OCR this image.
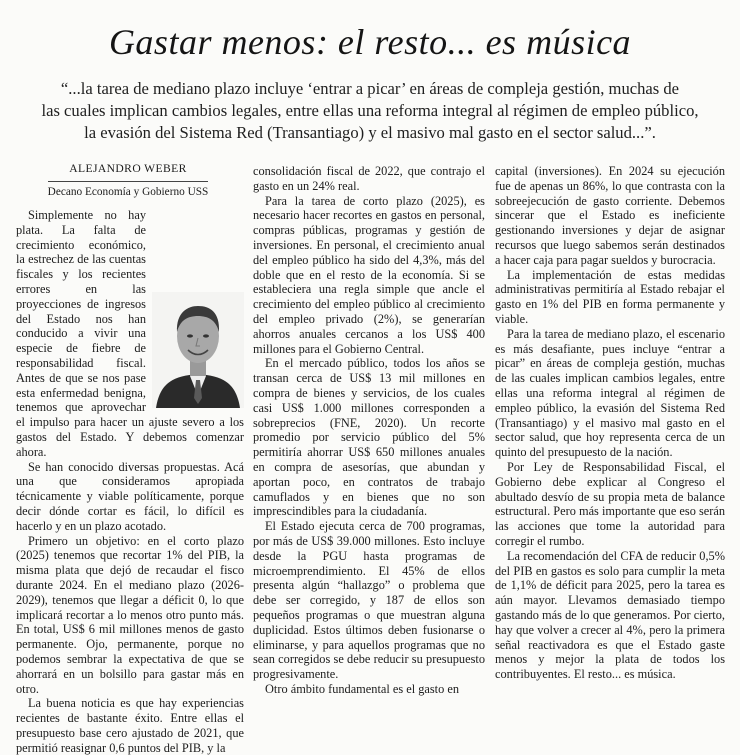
Gastar menos: el resto... es música
“...la tarea de mediano plazo incluye ‘entrar a picar’ en áreas de compleja gestión, muchas de
las cuales implican cambios legales, entre ellas una reforma integral al régimen de empleo público,
la evasión del Sistema Red (Transantiago) y el masivo mal gasto en el sector salud...”.
ALEJANDRO WEBER
Decano Economía y Gobierno USS

Simplemente no hay plata. La falta de crecimiento económico, la estrechez de las cuentas fiscales y los recientes errores en las proyecciones de ingresos del Estado nos han conducido a vivir una especie de fiebre de responsabilidad fiscal. Antes de que se nos pase esta enfermedad benigna, tenemos que aprovechar el impulso para hacer un ajuste severo a los gastos del Estado. Y debemos comenzar ahora.

Se han conocido diversas propuestas. Acá una que consideramos apropiada técnicamente y viable políticamente, porque decir dónde cortar es fácil, lo difícil es hacerlo y en un plazo acotado.

Primero un objetivo: en el corto plazo (2025) tenemos que recortar 1% del PIB, la misma plata que dejó de recaudar el fisco durante 2024. En el mediano plazo (2026-2029), tenemos que llegar a déficit 0, lo que implicará recortar a lo menos otro punto más. En total, US$ 6 mil millones menos de gasto permanente. Ojo, permanente, porque no podemos sembrar la expectativa de que se ahorrará en un bolsillo para gastar más en otro.

La buena noticia es que hay experiencias recientes de bastante éxito. Entre ellas el presupuesto base cero ajustado de 2021, que permitió reasignar 0,6 puntos del PIB, y la

consolidación fiscal de 2022, que contrajo el gasto en un 24% real.

Para la tarea de corto plazo (2025), es necesario hacer recortes en gastos en personal, compras públicas, programas y gestión de inversiones. En personal, el crecimiento anual del empleo público ha sido del 4,3%, más del doble que en el resto de la economía. Si se estableciera una regla simple que ancle el crecimiento del empleo público al crecimiento del empleo privado (2%), se generarían ahorros anuales cercanos a los US$ 400 millones para el Gobierno Central.

En el mercado público, todos los años se transan cerca de US$ 13 mil millones en compra de bienes y servicios, de los cuales casi US$ 1.000 millones corresponden a sobreprecios (FNE, 2020). Un recorte promedio por servicio público del 5% permitiría ahorrar US$ 650 millones anuales en compra de asesorías, que abundan y aportan poco, en contratos de trabajo camuflados y en bienes que no son imprescindibles para la ciudadanía.

El Estado ejecuta cerca de 700 programas, por más de US$ 39.000 millones. Esto incluye desde la PGU hasta programas de microemprendimiento. El 45% de ellos presenta algún “hallazgo” o problema que debe ser corregido, y 187 de ellos son pequeños programas o que muestran alguna duplicidad. Estos últimos deben fusionarse o eliminarse, y para aquellos programas que no sean corregidos se debe reducir su presupuesto progresivamente.

Otro ámbito fundamental es el gasto en

capital (inversiones). En 2024 su ejecución fue de apenas un 86%, lo que contrasta con la sobreejecución de gasto corriente. Debemos sincerar que el Estado es ineficiente gestionando inversiones y dejar de asignar recursos que luego sabemos serán destinados a hacer caja para pagar sueldos y burocracia.

La implementación de estas medidas administrativas permitiría al Estado rebajar el gasto en 1% del PIB en forma permanente y viable.

Para la tarea de mediano plazo, el escenario es más desafiante, pues incluye “entrar a picar” en áreas de compleja gestión, muchas de las cuales implican cambios legales, entre ellas una reforma integral al régimen de empleo público, la evasión del Sistema Red (Transantiago) y el masivo mal gasto en el sector salud, que hoy representa cerca de un quinto del presupuesto de la nación.

Por Ley de Responsabilidad Fiscal, el Gobierno debe explicar al Congreso el abultado desvío de su propia meta de balance estructural. Pero más importante que eso serán las acciones que tome la autoridad para corregir el rumbo.

La recomendación del CFA de reducir 0,5% del PIB en gastos es solo para cumplir la meta de 1,1% de déficit para 2025, pero la tarea es aún mayor. Llevamos demasiado tiempo gastando más de lo que generamos. Por cierto, hay que volver a crecer al 4%, pero la primera señal reactivadora es que el Estado gaste menos y mejor la plata de todos los contribuyentes. El resto... es música.
